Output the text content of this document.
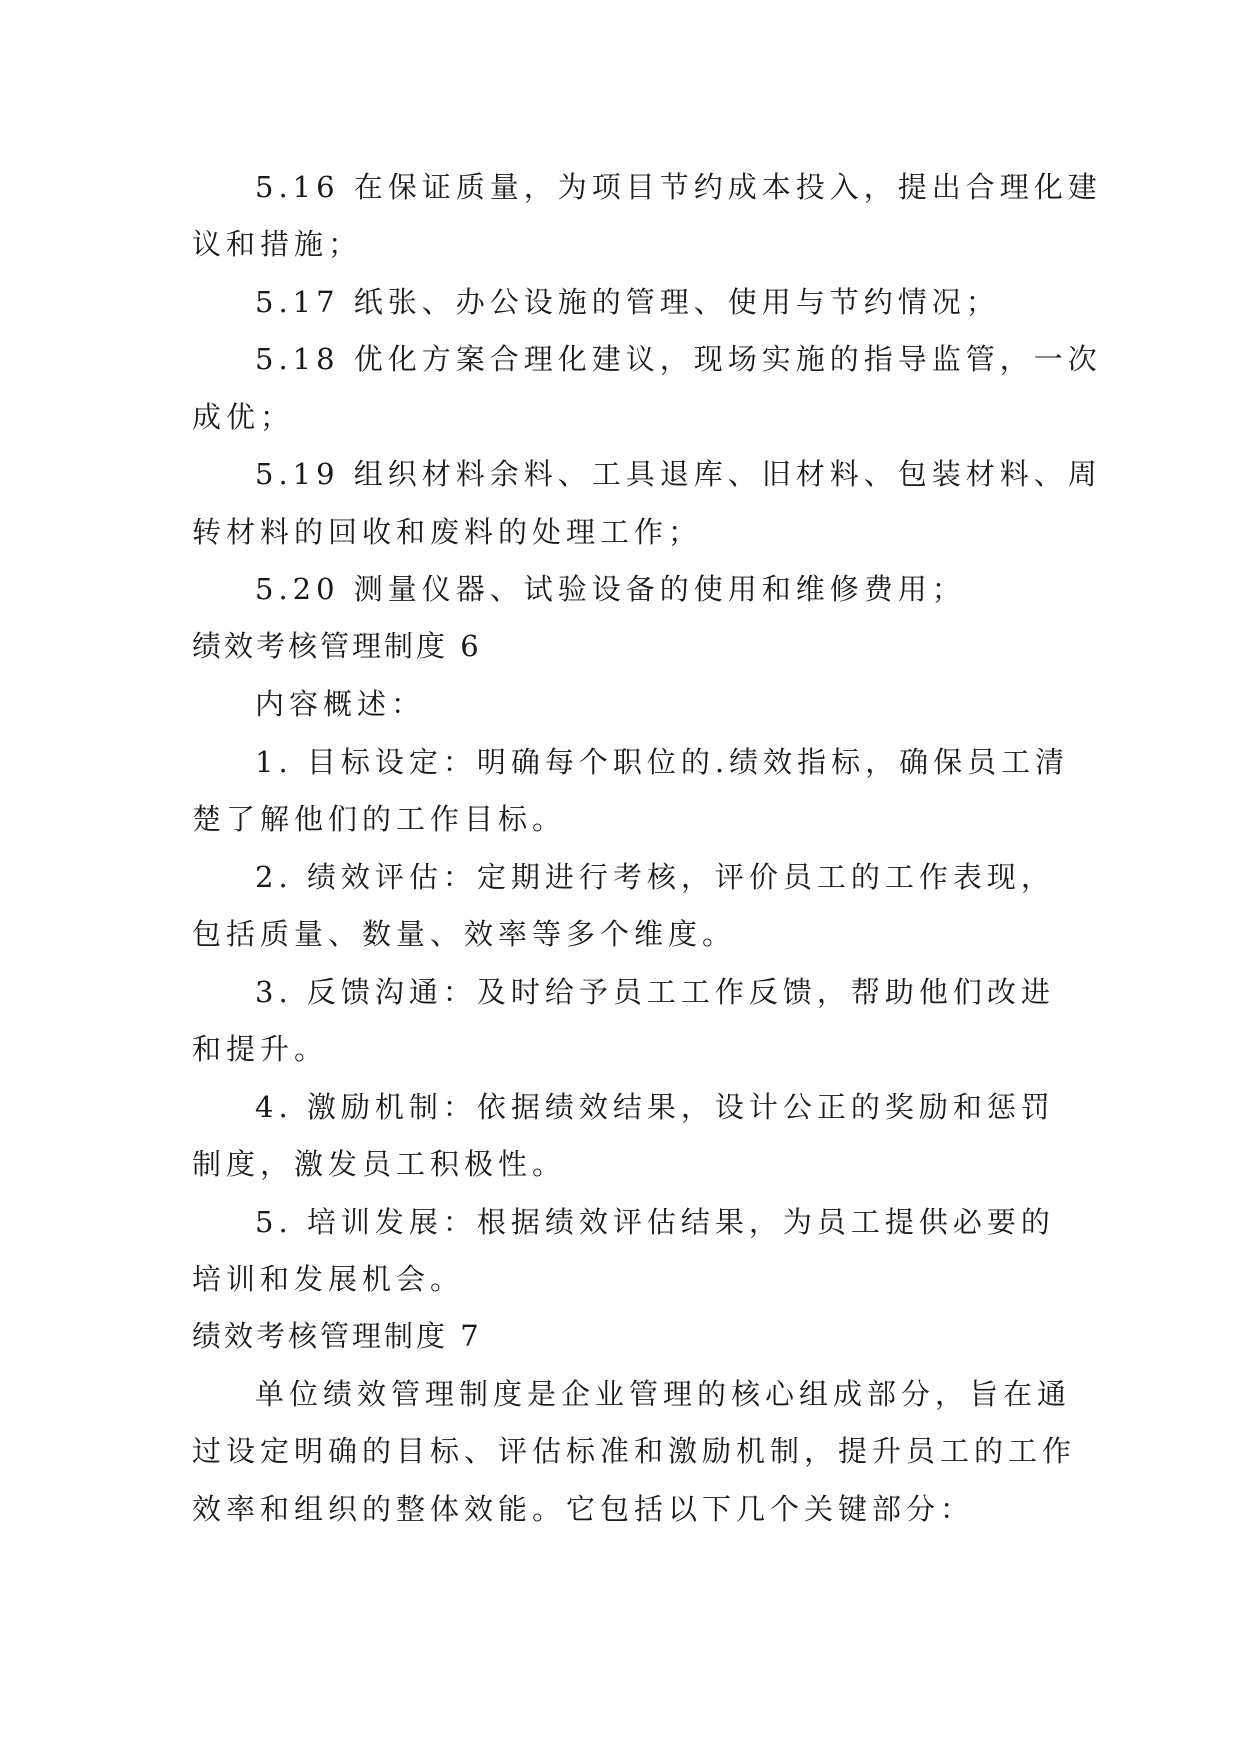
5.16 在保证质量，为项目节约成本投入，提出合理化建
议和措施；
5.17 纸张、办公设施的管理、使用与节约情况；
5.18 优化方案合理化建议，现场实施的指导监管，一次
成优；
5.19 组织材料余料、工具退库、旧材料、包装材料、周
转材料的回收和废料的处理工作；
5.20 测量仪器、试验设备的使用和维修费用；
绩效考核管理制度 6
内容概述：
1. 目标设定：明确每个职位的.绩效指标，确保员工清
楚了解他们的工作目标。
2. 绩效评估：定期进行考核，评价员工的工作表现，
包括质量、数量、效率等多个维度。
3. 反馈沟通：及时给予员工工作反馈，帮助他们改进
和提升。
4. 激励机制：依据绩效结果，设计公正的奖励和惩罚
制度，激发员工积极性。
5. 培训发展：根据绩效评估结果，为员工提供必要的
培训和发展机会。
绩效考核管理制度 7
单位绩效管理制度是企业管理的核心组成部分，旨在通
过设定明确的目标、评估标准和激励机制，提升员工的工作
效率和组织的整体效能。它包括以下几个关键部分：
